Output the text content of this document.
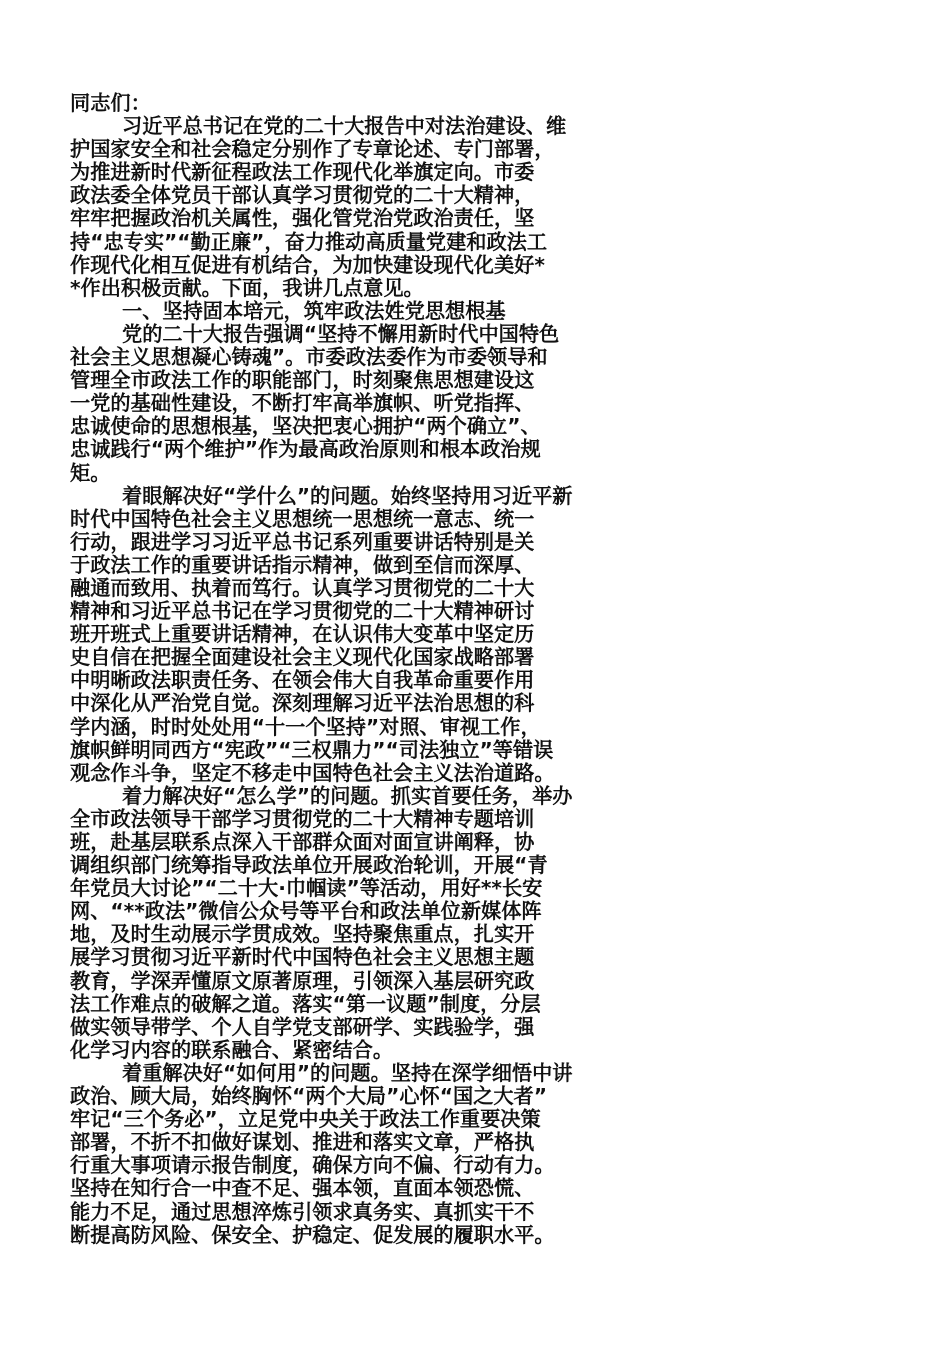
同志们：
习近平总书记在党的二十大报告中对法治建设、维
护国家安全和社会稳定分别作了专章论述、专门部署，
为推进新时代新征程政法工作现代化举旗定向。市委
政法委全体党员干部认真学习贯彻党的二十大精神，
牢牢把握政治机关属性，强化管党治党政治责任，坚
持“忠专实”“勤正廉”，奋力推动高质量党建和政法工
作现代化相互促进有机结合，为加快建设现代化美好*
*作出积极贡献。下面，我讲几点意见。
一、坚持固本培元，筑牢政法姓党思想根基
党的二十大报告强调“坚持不懈用新时代中国特色
社会主义思想凝心铸魂”。市委政法委作为市委领导和
管理全市政法工作的职能部门，时刻聚焦思想建设这
一党的基础性建设，不断打牢高举旗帜、听党指挥、
忠诚使命的思想根基，坚决把衷心拥护“两个确立”、
忠诚践行“两个维护”作为最高政治原则和根本政治规
矩。
着眼解决好“学什么”的问题。始终坚持用习近平新
时代中国特色社会主义思想统一思想统一意志、统一
行动，跟进学习习近平总书记系列重要讲话特别是关
于政法工作的重要讲话指示精神，做到至信而深厚、
融通而致用、执着而笃行。认真学习贯彻党的二十大
精神和习近平总书记在学习贯彻党的二十大精神研讨
班开班式上重要讲话精神，在认识伟大变革中坚定历
史自信在把握全面建设社会主义现代化国家战略部署
中明晰政法职责任务、在领会伟大自我革命重要作用
中深化从严治党自觉。深刻理解习近平法治思想的科
学内涵，时时处处用“十一个坚持”对照、审视工作，
旗帜鲜明同西方“宪政”“三权鼎力”“司法独立”等错误
观念作斗争，坚定不移走中国特色社会主义法治道路。
着力解决好“怎么学”的问题。抓实首要任务，举办
全市政法领导干部学习贯彻党的二十大精神专题培训
班，赴基层联系点深入干部群众面对面宣讲阐释，协
调组织部门统筹指导政法单位开展政治轮训，开展“青
年党员大讨论”“二十大·巾帼读”等活动，用好**长安
网、“**政法”微信公众号等平台和政法单位新媒体阵
地，及时生动展示学贯成效。坚持聚焦重点，扎实开
展学习贯彻习近平新时代中国特色社会主义思想主题
教育，学深弄懂原文原著原理，引领深入基层研究政
法工作难点的破解之道。落实“第一议题”制度，分层
做实领导带学、个人自学党支部研学、实践验学，强
化学习内容的联系融合、紧密结合。
着重解决好“如何用”的问题。坚持在深学细悟中讲
政治、顾大局，始终胸怀“两个大局”心怀“国之大者”
牢记“三个务必”，立足党中央关于政法工作重要决策
部署，不折不扣做好谋划、推进和落实文章，严格执
行重大事项请示报告制度，确保方向不偏、行动有力。
坚持在知行合一中查不足、强本领，直面本领恐慌、
能力不足，通过思想淬炼引领求真务实、真抓实干不
断提高防风险、保安全、护稳定、促发展的履职水平。
